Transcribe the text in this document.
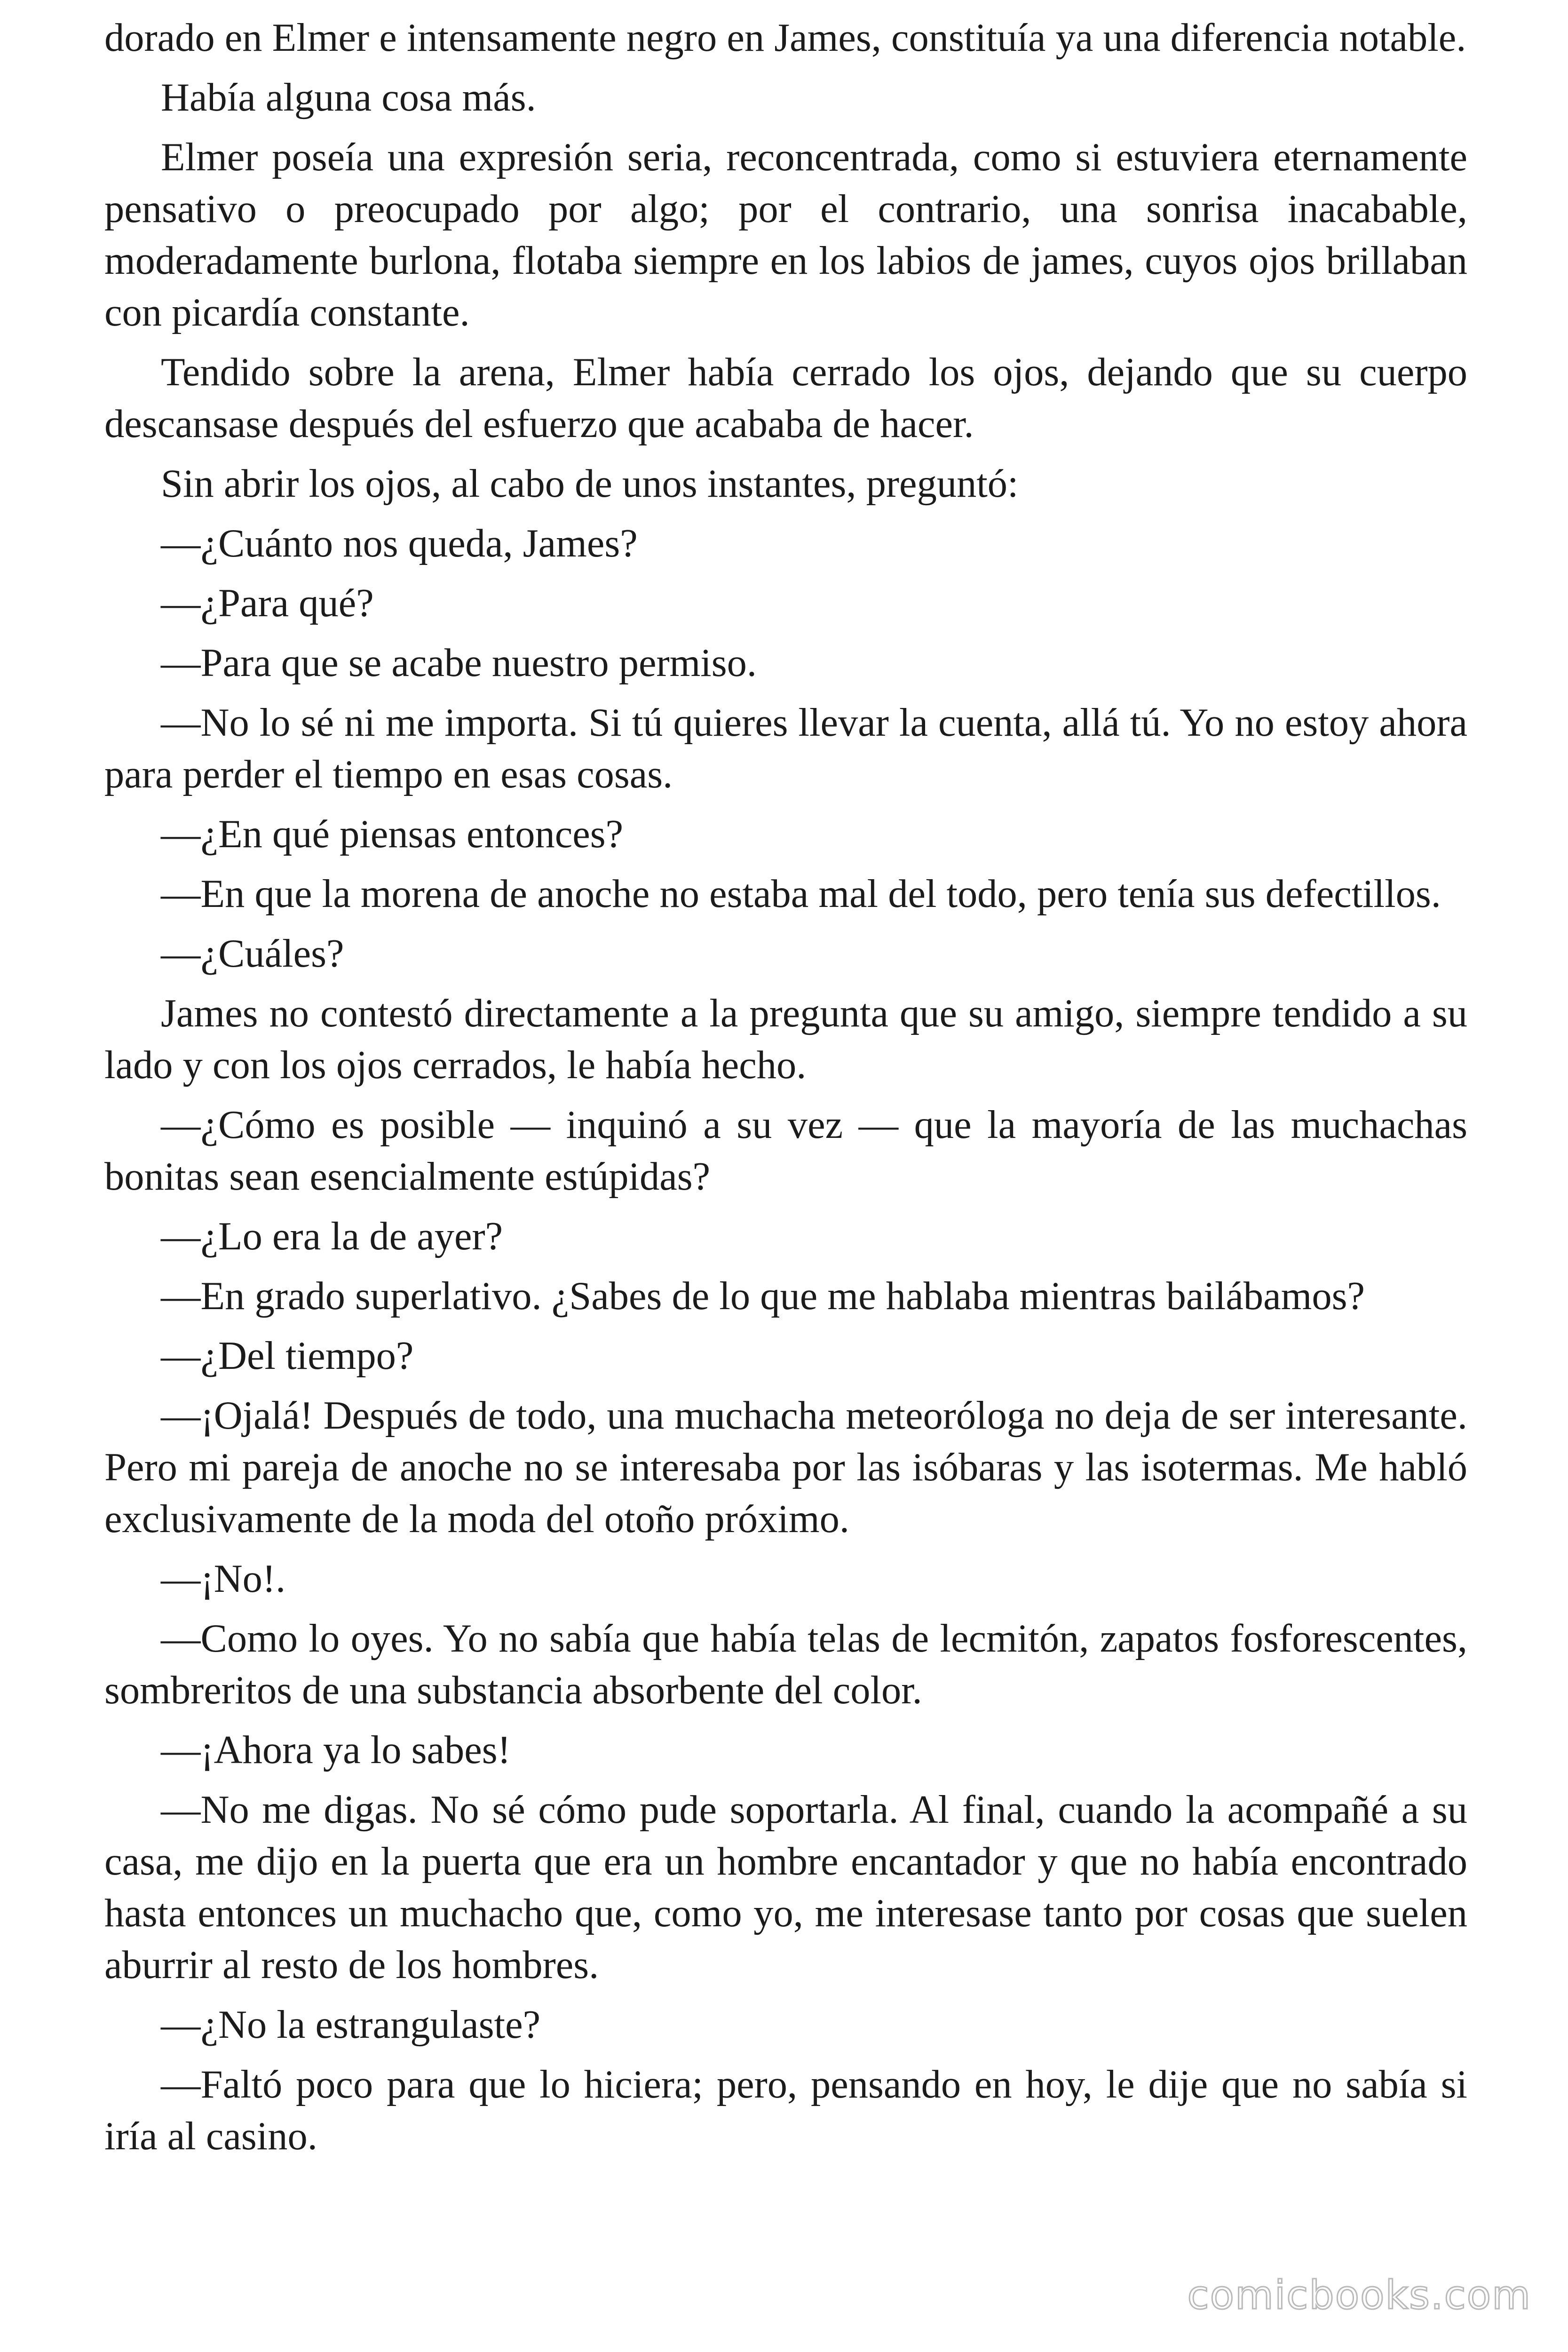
dorado en Elmer e intensamente negro en James, constituía ya una diferencia notable.

Había alguna cosa más.

Elmer poseía una expresión seria, reconcentrada, como si estuviera eternamente pensativo o preocupado por algo; por el contrario, una sonrisa inacabable, moderadamente burlona, flotaba siempre en los labios de james, cuyos ojos brillaban con picardía constante.

Tendido sobre la arena, Elmer había cerrado los ojos, dejando que su cuerpo descansase después del esfuerzo que acababa de hacer.

Sin abrir los ojos, al cabo de unos instantes, preguntó:

—¿Cuánto nos queda, James?

—¿Para qué?

—Para que se acabe nuestro permiso.

—No lo sé ni me importa. Si tú quieres llevar la cuenta, allá tú. Yo no estoy ahora para perder el tiempo en esas cosas.

—¿En qué piensas entonces?

—En que la morena de anoche no estaba mal del todo, pero tenía sus defectillos.

—¿Cuáles?

James no contestó directamente a la pregunta que su amigo, siempre tendido a su lado y con los ojos cerrados, le había hecho.

—¿Cómo es posible — inquinó a su vez — que la mayoría de las muchachas bonitas sean esencialmente estúpidas?

—¿Lo era la de ayer?

—En grado superlativo. ¿Sabes de lo que me hablaba mientras bailábamos?

—¿Del tiempo?

—¡Ojalá! Después de todo, una muchacha meteoróloga no deja de ser interesante. Pero mi pareja de anoche no se interesaba por las isóbaras y las isotermas. Me habló exclusivamente de la moda del otoño próximo.

—¡No!.

—Como lo oyes. Yo no sabía que había telas de lecmitón, zapatos fosforescentes, sombreritos de una substancia absorbente del color.

—¡Ahora ya lo sabes!

—No me digas. No sé cómo pude soportarla. Al final, cuando la acompañé a su casa, me dijo en la puerta que era un hombre encantador y que no había encontrado hasta entonces un muchacho que, como yo, me interesase tanto por cosas que suelen aburrir al resto de los hombres.

—¿No la estrangulaste?

—Faltó poco para que lo hiciera; pero, pensando en hoy, le dije que no sabía si iría al casino.

comicbooks.com
